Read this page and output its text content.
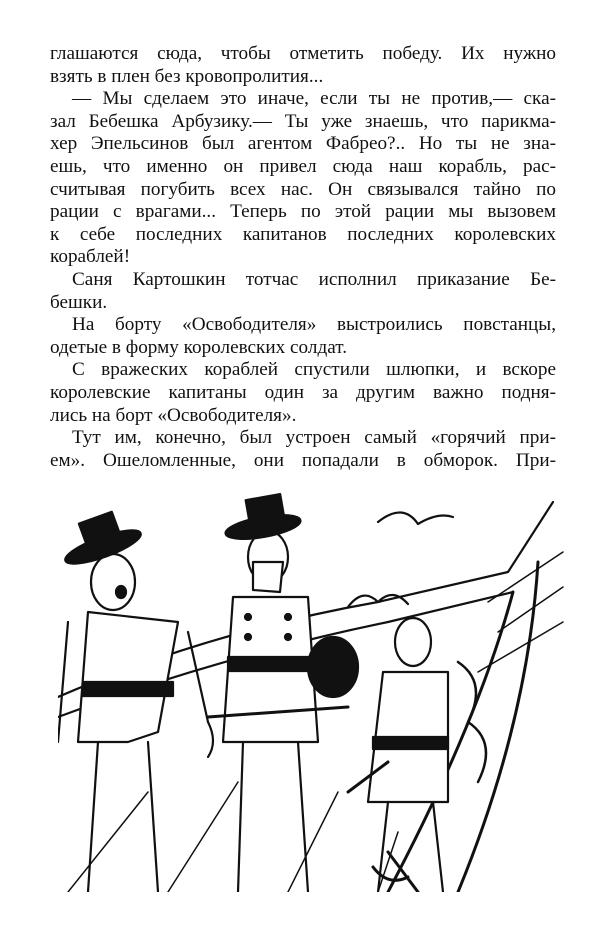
глашаются сюда, чтобы отметить победу. Их нужно
взять в плен без кровопролития...
— Мы сделаем это иначе, если ты не против,— ска-
зал Бебешка Арбузику.— Ты уже знаешь, что парикма-
хер Эпельсинов был агентом Фабрео?.. Но ты не зна-
ешь, что именно он привел сюда наш корабль, рас-
считывая погубить всех нас. Он связывался тайно по
рации с врагами... Теперь по этой рации мы вызовем
к себе последних капитанов последних королевских
кораблей!
Саня Картошкин тотчас исполнил приказание Бе-
бешки.
На борту «Освободителя» выстроились повстанцы,
одетые в форму королевских солдат.
С вражеских кораблей спустили шлюпки, и вскоре
королевские капитаны один за другим важно подня-
лись на борт «Освободителя».
Тут им, конечно, был устроен самый «горячий при-
ем». Ошеломленные, они попадали в обморок. При-
